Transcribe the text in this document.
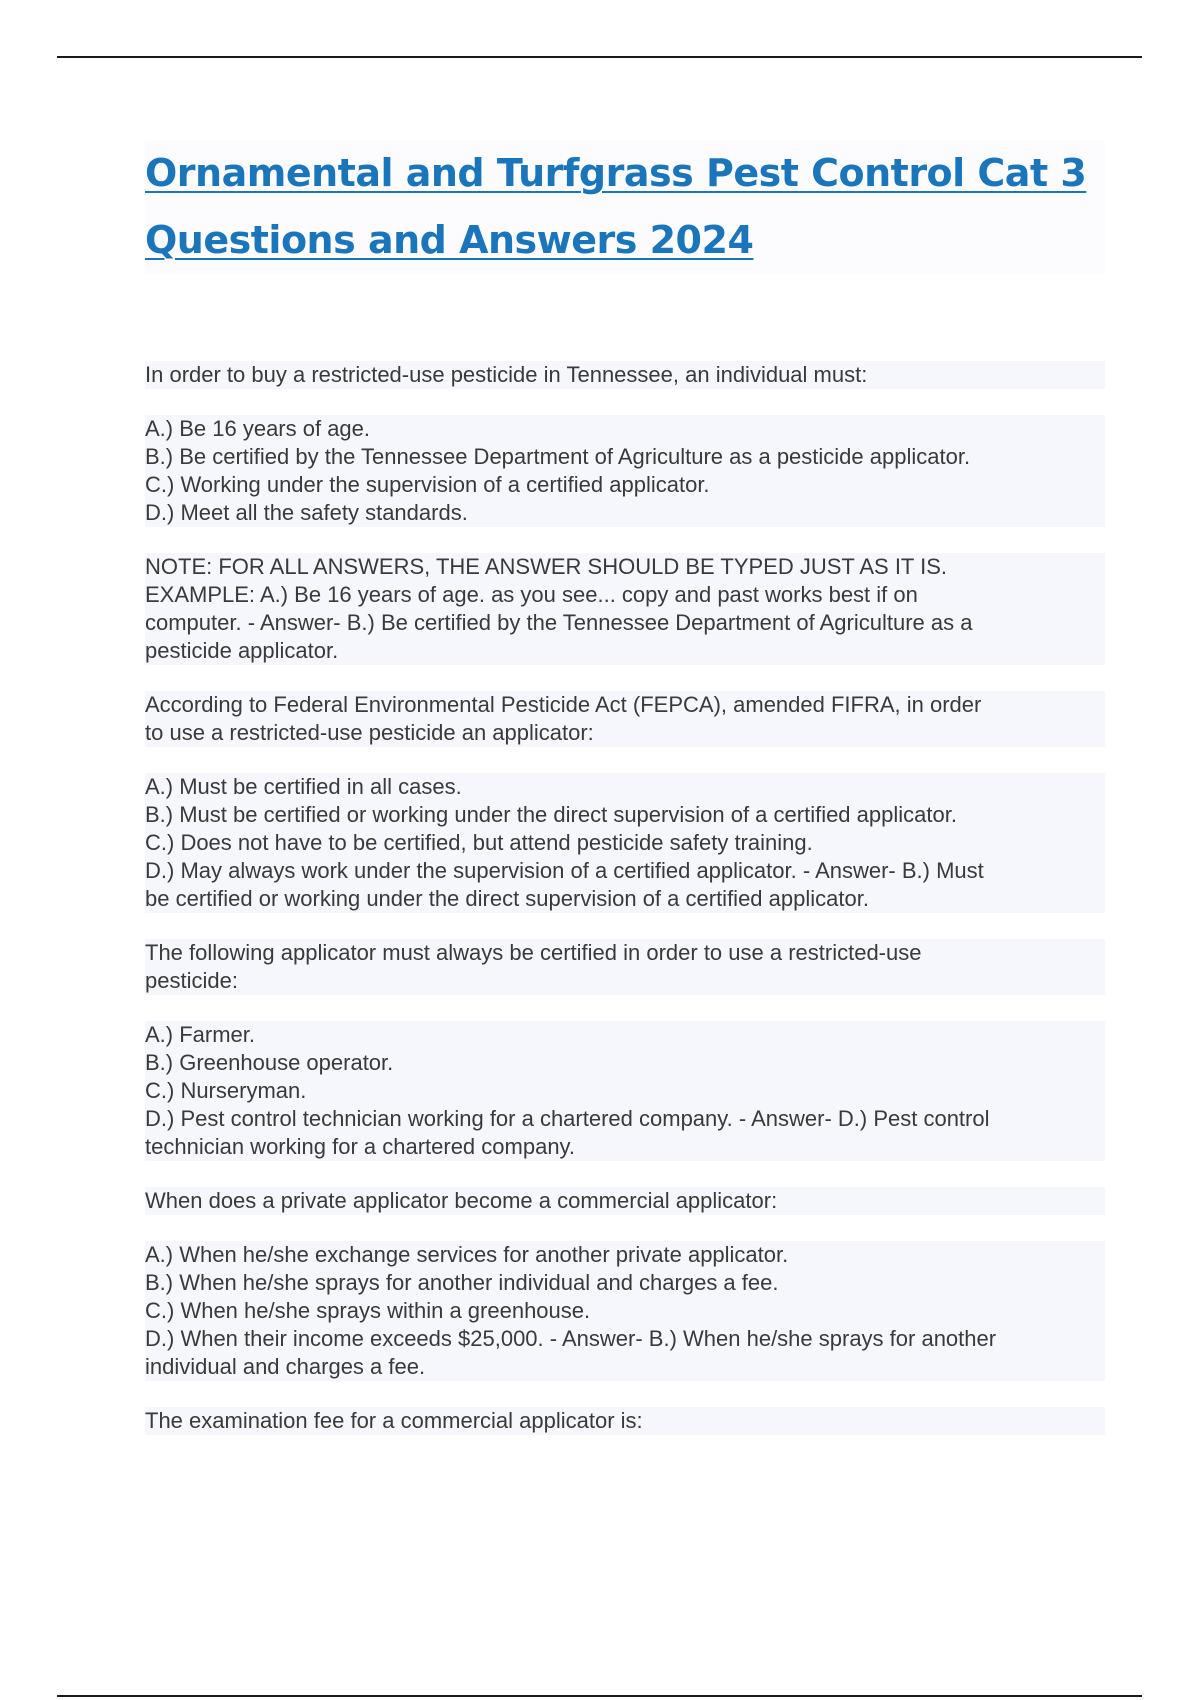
Ornamental and Turfgrass Pest Control Cat 3
Questions and Answers 2024

In order to buy a restricted-use pesticide in Tennessee, an individual must:

A.) Be 16 years of age.
B.) Be certified by the Tennessee Department of Agriculture as a pesticide applicator.
C.) Working under the supervision of a certified applicator.
D.) Meet all the safety standards.

NOTE: FOR ALL ANSWERS, THE ANSWER SHOULD BE TYPED JUST AS IT IS.
EXAMPLE: A.) Be 16 years of age. as you see... copy and past works best if on
computer. - Answer- B.) Be certified by the Tennessee Department of Agriculture as a
pesticide applicator.

According to Federal Environmental Pesticide Act (FEPCA), amended FIFRA, in order
to use a restricted-use pesticide an applicator:

A.) Must be certified in all cases.
B.) Must be certified or working under the direct supervision of a certified applicator.
C.) Does not have to be certified, but attend pesticide safety training.
D.) May always work under the supervision of a certified applicator. - Answer- B.) Must
be certified or working under the direct supervision of a certified applicator.

The following applicator must always be certified in order to use a restricted-use
pesticide:

A.) Farmer.
B.) Greenhouse operator.
C.) Nurseryman.
D.) Pest control technician working for a chartered company. - Answer- D.) Pest control
technician working for a chartered company.

When does a private applicator become a commercial applicator:

A.) When he/she exchange services for another private applicator.
B.) When he/she sprays for another individual and charges a fee.
C.) When he/she sprays within a greenhouse.
D.) When their income exceeds $25,000. - Answer- B.) When he/she sprays for another
individual and charges a fee.

The examination fee for a commercial applicator is:
